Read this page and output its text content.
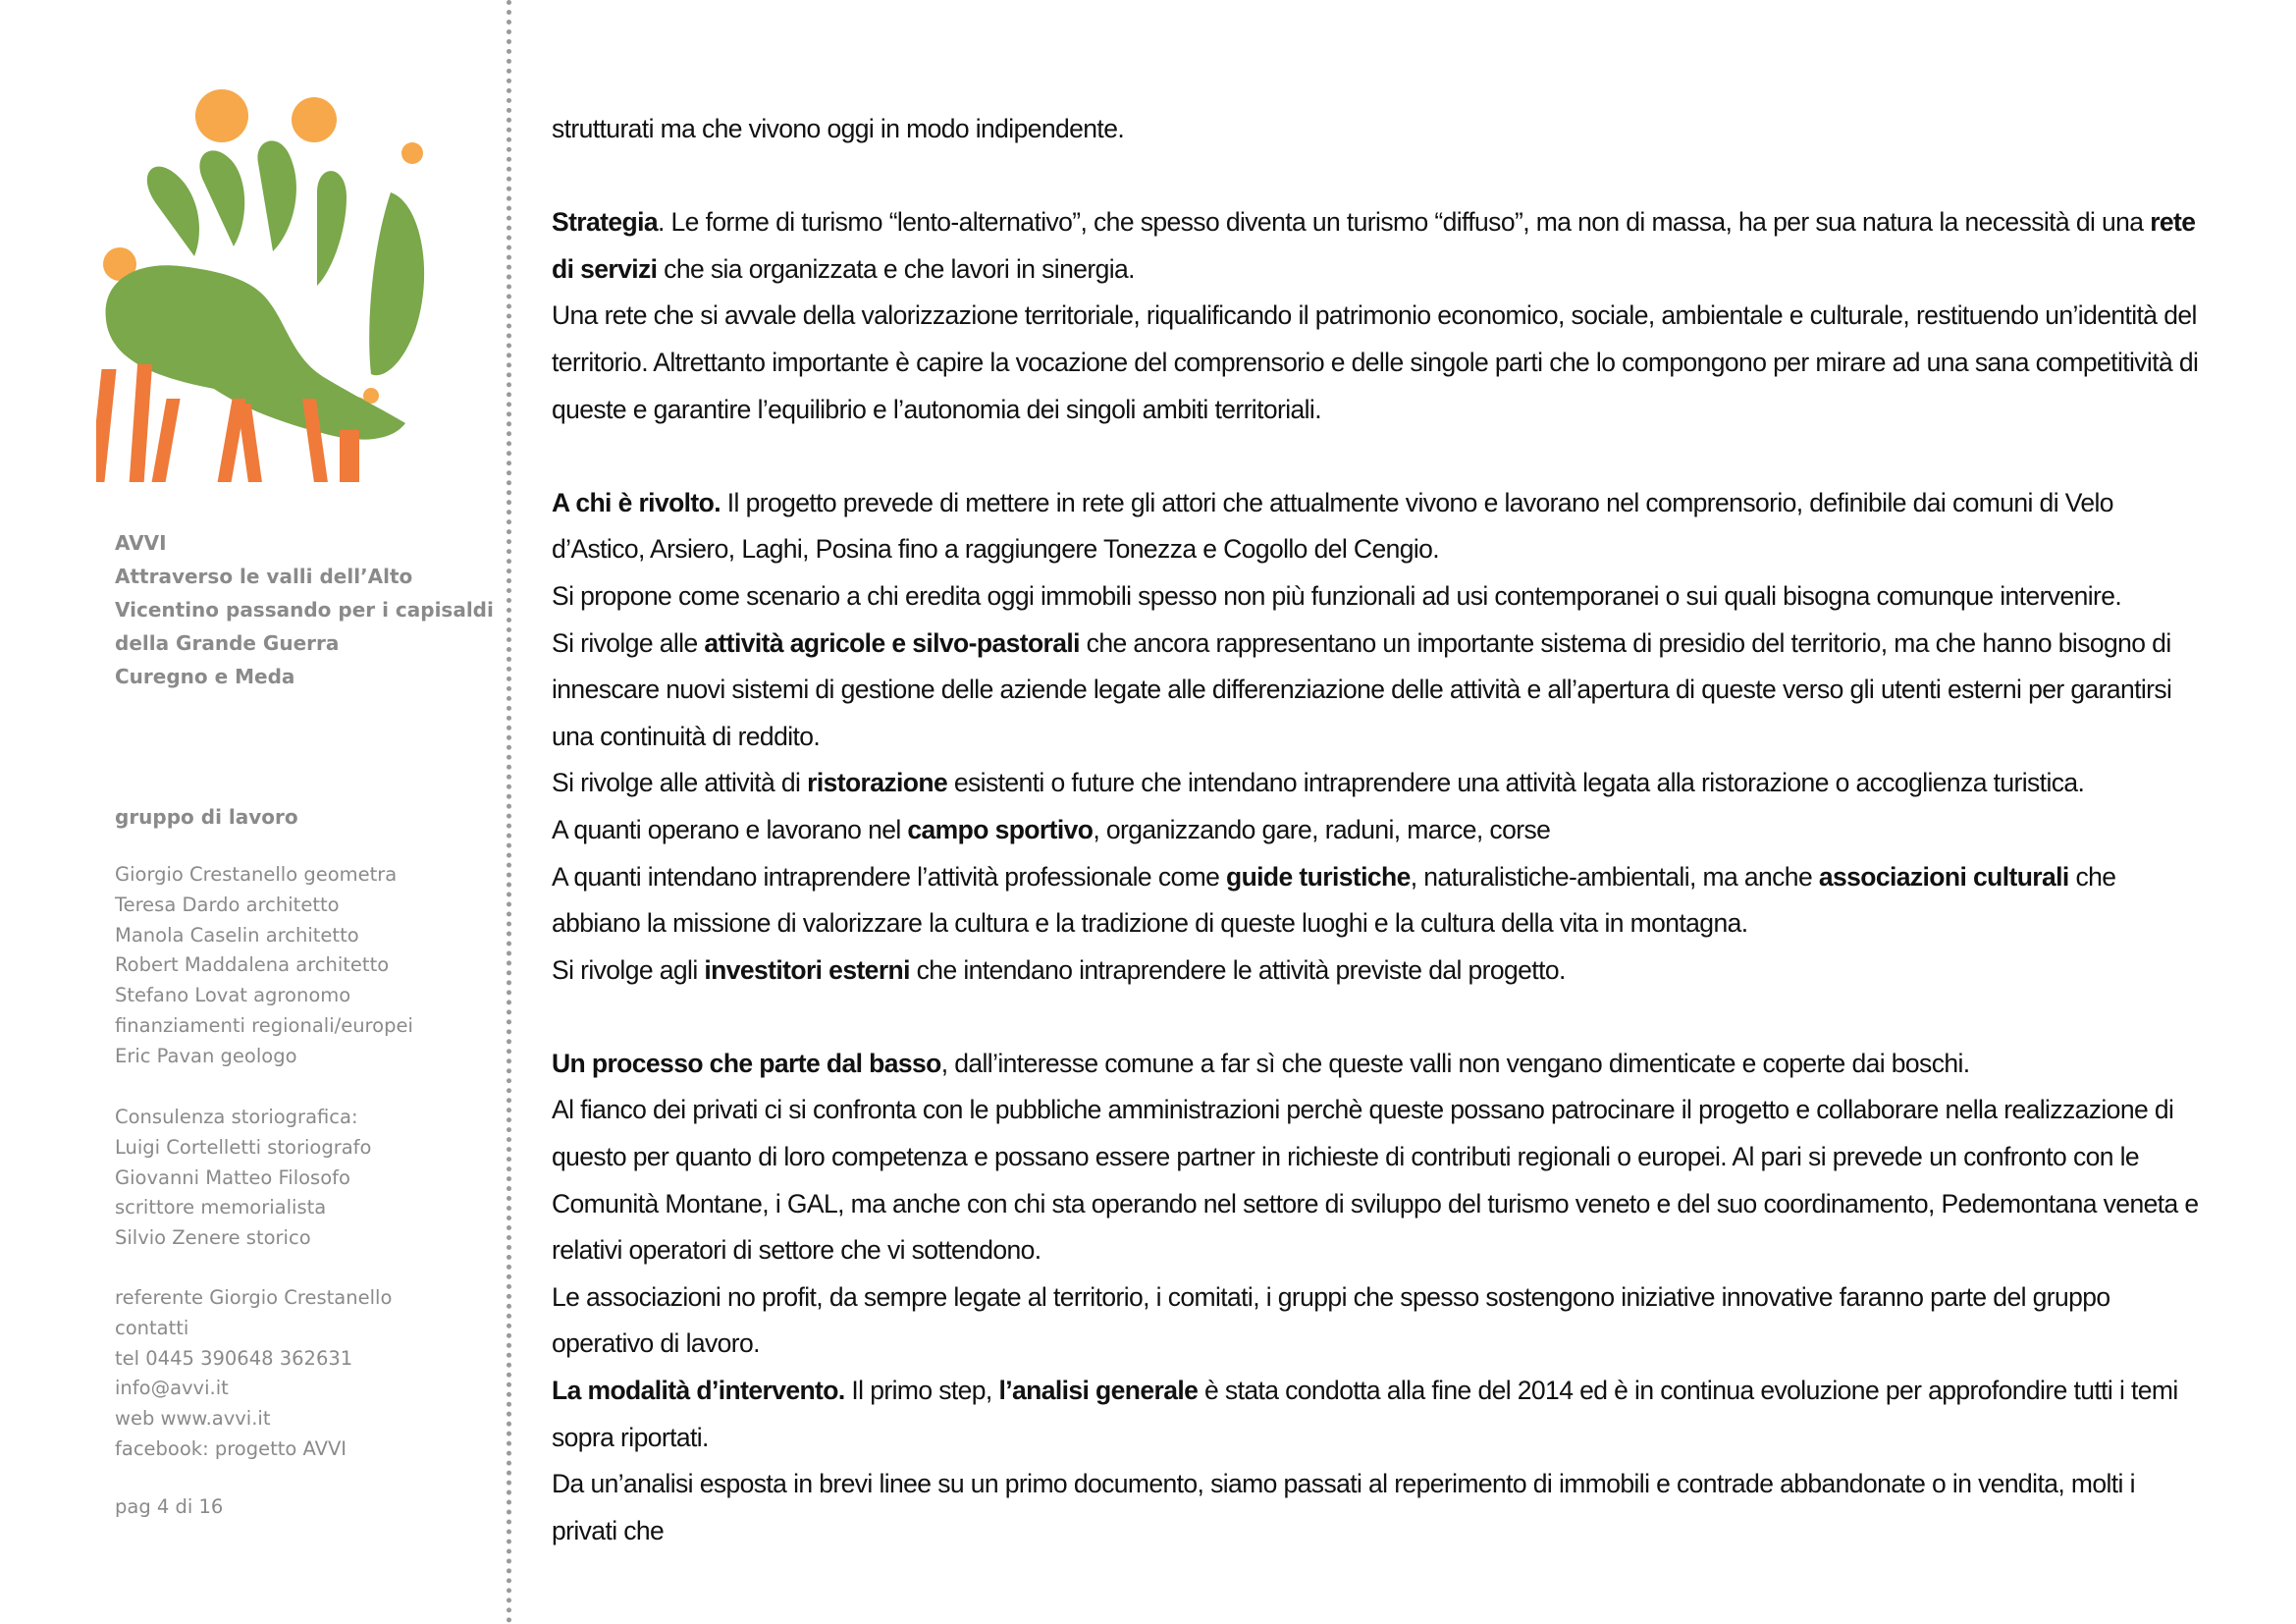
AVVI
Attraverso le valli dell’Alto
Vicentino passando per i capisaldi
della Grande Guerra
Curegno e Meda
gruppo di lavoro
Giorgio Crestanello geometra
Teresa Dardo architetto
Manola Caselin architetto
Robert Maddalena architetto
Stefano Lovat agronomo
finanziamenti regionali/europei
Eric Pavan geologo
Consulenza storiografica:
Luigi Cortelletti storiografo
Giovanni Matteo Filosofo
scrittore memorialista
Silvio Zenere storico
referente Giorgio Crestanello
contatti
tel 0445 390648 362631
info@avvi.it
web www.avvi.it
facebook: progetto AVVI
pag 4 di 16

strutturati ma che vivono oggi in modo indipendente.

Strategia. Le forme di turismo “lento-alternativo”, che spesso diventa un turismo “diffuso”, ma non di massa, ha per sua natura la necessità di una rete di servizi che sia organizzata e che lavori in sinergia.

Una rete che si avvale della valorizzazione territoriale, riqualificando il patrimonio economico, sociale, ambientale e culturale, restituendo un’identità del territorio. Altrettanto importante è capire la vocazione del comprensorio e delle singole parti che lo compongono per mirare ad una sana competitività di queste e garantire l’equilibrio e l’autonomia dei singoli ambiti territoriali.

A chi è rivolto. Il progetto prevede di mettere in rete gli attori che attualmente vivono e lavorano nel comprensorio, definibile dai comuni di Velo d’Astico, Arsiero, Laghi, Posina fino a raggiungere Tonezza e Cogollo del Cengio.

Si propone come scenario a chi eredita oggi immobili spesso non più funzionali ad usi contemporanei o sui quali bisogna comunque intervenire.

Si rivolge alle attività agricole e silvo-pastorali che ancora rappresentano un importante sistema di presidio del territorio, ma che hanno bisogno di innescare nuovi sistemi di gestione delle aziende legate alle differenziazione delle attività e all’apertura di queste verso gli utenti esterni per garantirsi una continuità di reddito.

Si rivolge alle attività di ristorazione esistenti o future che intendano intraprendere una attività legata alla ristorazione o accoglienza turistica.

A quanti operano e lavorano nel campo sportivo, organizzando gare, raduni, marce, corse

A quanti intendano intraprendere l’attività professionale come guide turistiche, naturalistiche-ambientali, ma anche associazioni culturali che abbiano la missione di valorizzare la cultura e la tradizione di queste luoghi e la cultura della vita in montagna.

Si rivolge agli investitori esterni che intendano intraprendere le attività previste dal progetto.

Un processo che parte dal basso, dall’interesse comune a far sì che queste valli non vengano dimenticate e coperte dai boschi.

Al fianco dei privati ci si confronta con le pubbliche amministrazioni perchè queste possano patrocinare il progetto e collaborare nella realizzazione di questo per quanto di loro competenza e possano essere partner in richieste di contributi regionali o europei. Al pari si prevede un confronto con le Comunità Montane, i GAL, ma anche con chi sta operando nel settore di sviluppo del turismo veneto e del suo coordinamento, Pedemontana veneta e relativi operatori di settore che vi sottendono.

Le associazioni no profit, da sempre legate al territorio, i comitati, i gruppi che spesso sostengono iniziative innovative faranno parte del gruppo operativo di lavoro.

La modalità d’intervento. Il primo step, l’analisi generale è stata condotta alla fine del 2014 ed è in continua evoluzione per approfondire tutti i temi sopra riportati.

Da un’analisi esposta in brevi linee su un primo documento, siamo passati al reperimento di immobili e contrade abbandonate o in vendita, molti i privati che
